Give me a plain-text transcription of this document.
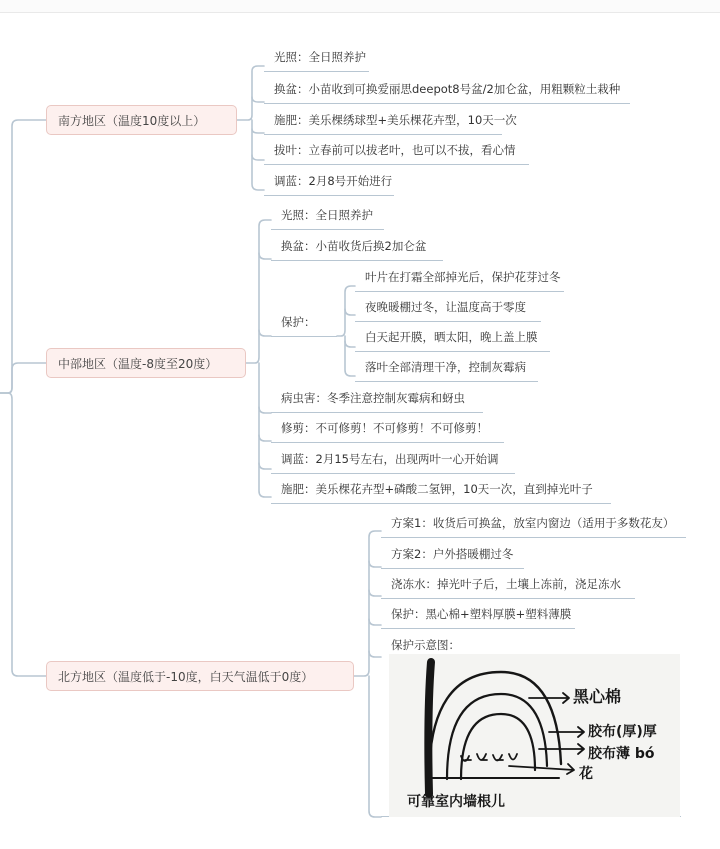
南方地区（温度10度以上）
中部地区（温度-8度至20度）
北方地区（温度低于-10度，白天气温低于0度）
光照：全日照养护
换盆：小苗收到可换爱丽思deepot8号盆/2加仑盆，用粗颗粒土栽种
施肥：美乐棵绣球型+美乐棵花卉型，10天一次
拔叶：立春前可以拔老叶，也可以不拔，看心情
调蓝：2月8号开始进行
光照：全日照养护
换盆：小苗收货后换2加仑盆
保护：
叶片在打霜全部掉光后，保护花芽过冬
夜晚暖棚过冬，让温度高于零度
白天起开膜，晒太阳，晚上盖上膜
落叶全部清理干净，控制灰霉病
病虫害：冬季注意控制灰霉病和蚜虫
修剪：不可修剪！不可修剪！不可修剪！
调蓝：2月15号左右，出现两叶一心开始调
施肥：美乐棵花卉型+磷酸二氢钾，10天一次，直到掉光叶子
方案1：收货后可换盆，放室内窗边（适用于多数花友）
方案2：户外搭暖棚过冬
浇冻水：掉光叶子后，土壤上冻前，浇足冻水
保护：黑心棉+塑料厚膜+塑料薄膜
保护示意图：
黑心棉
胶布(厚)厚
胶布薄 bó
花
可靠室内墙根儿
